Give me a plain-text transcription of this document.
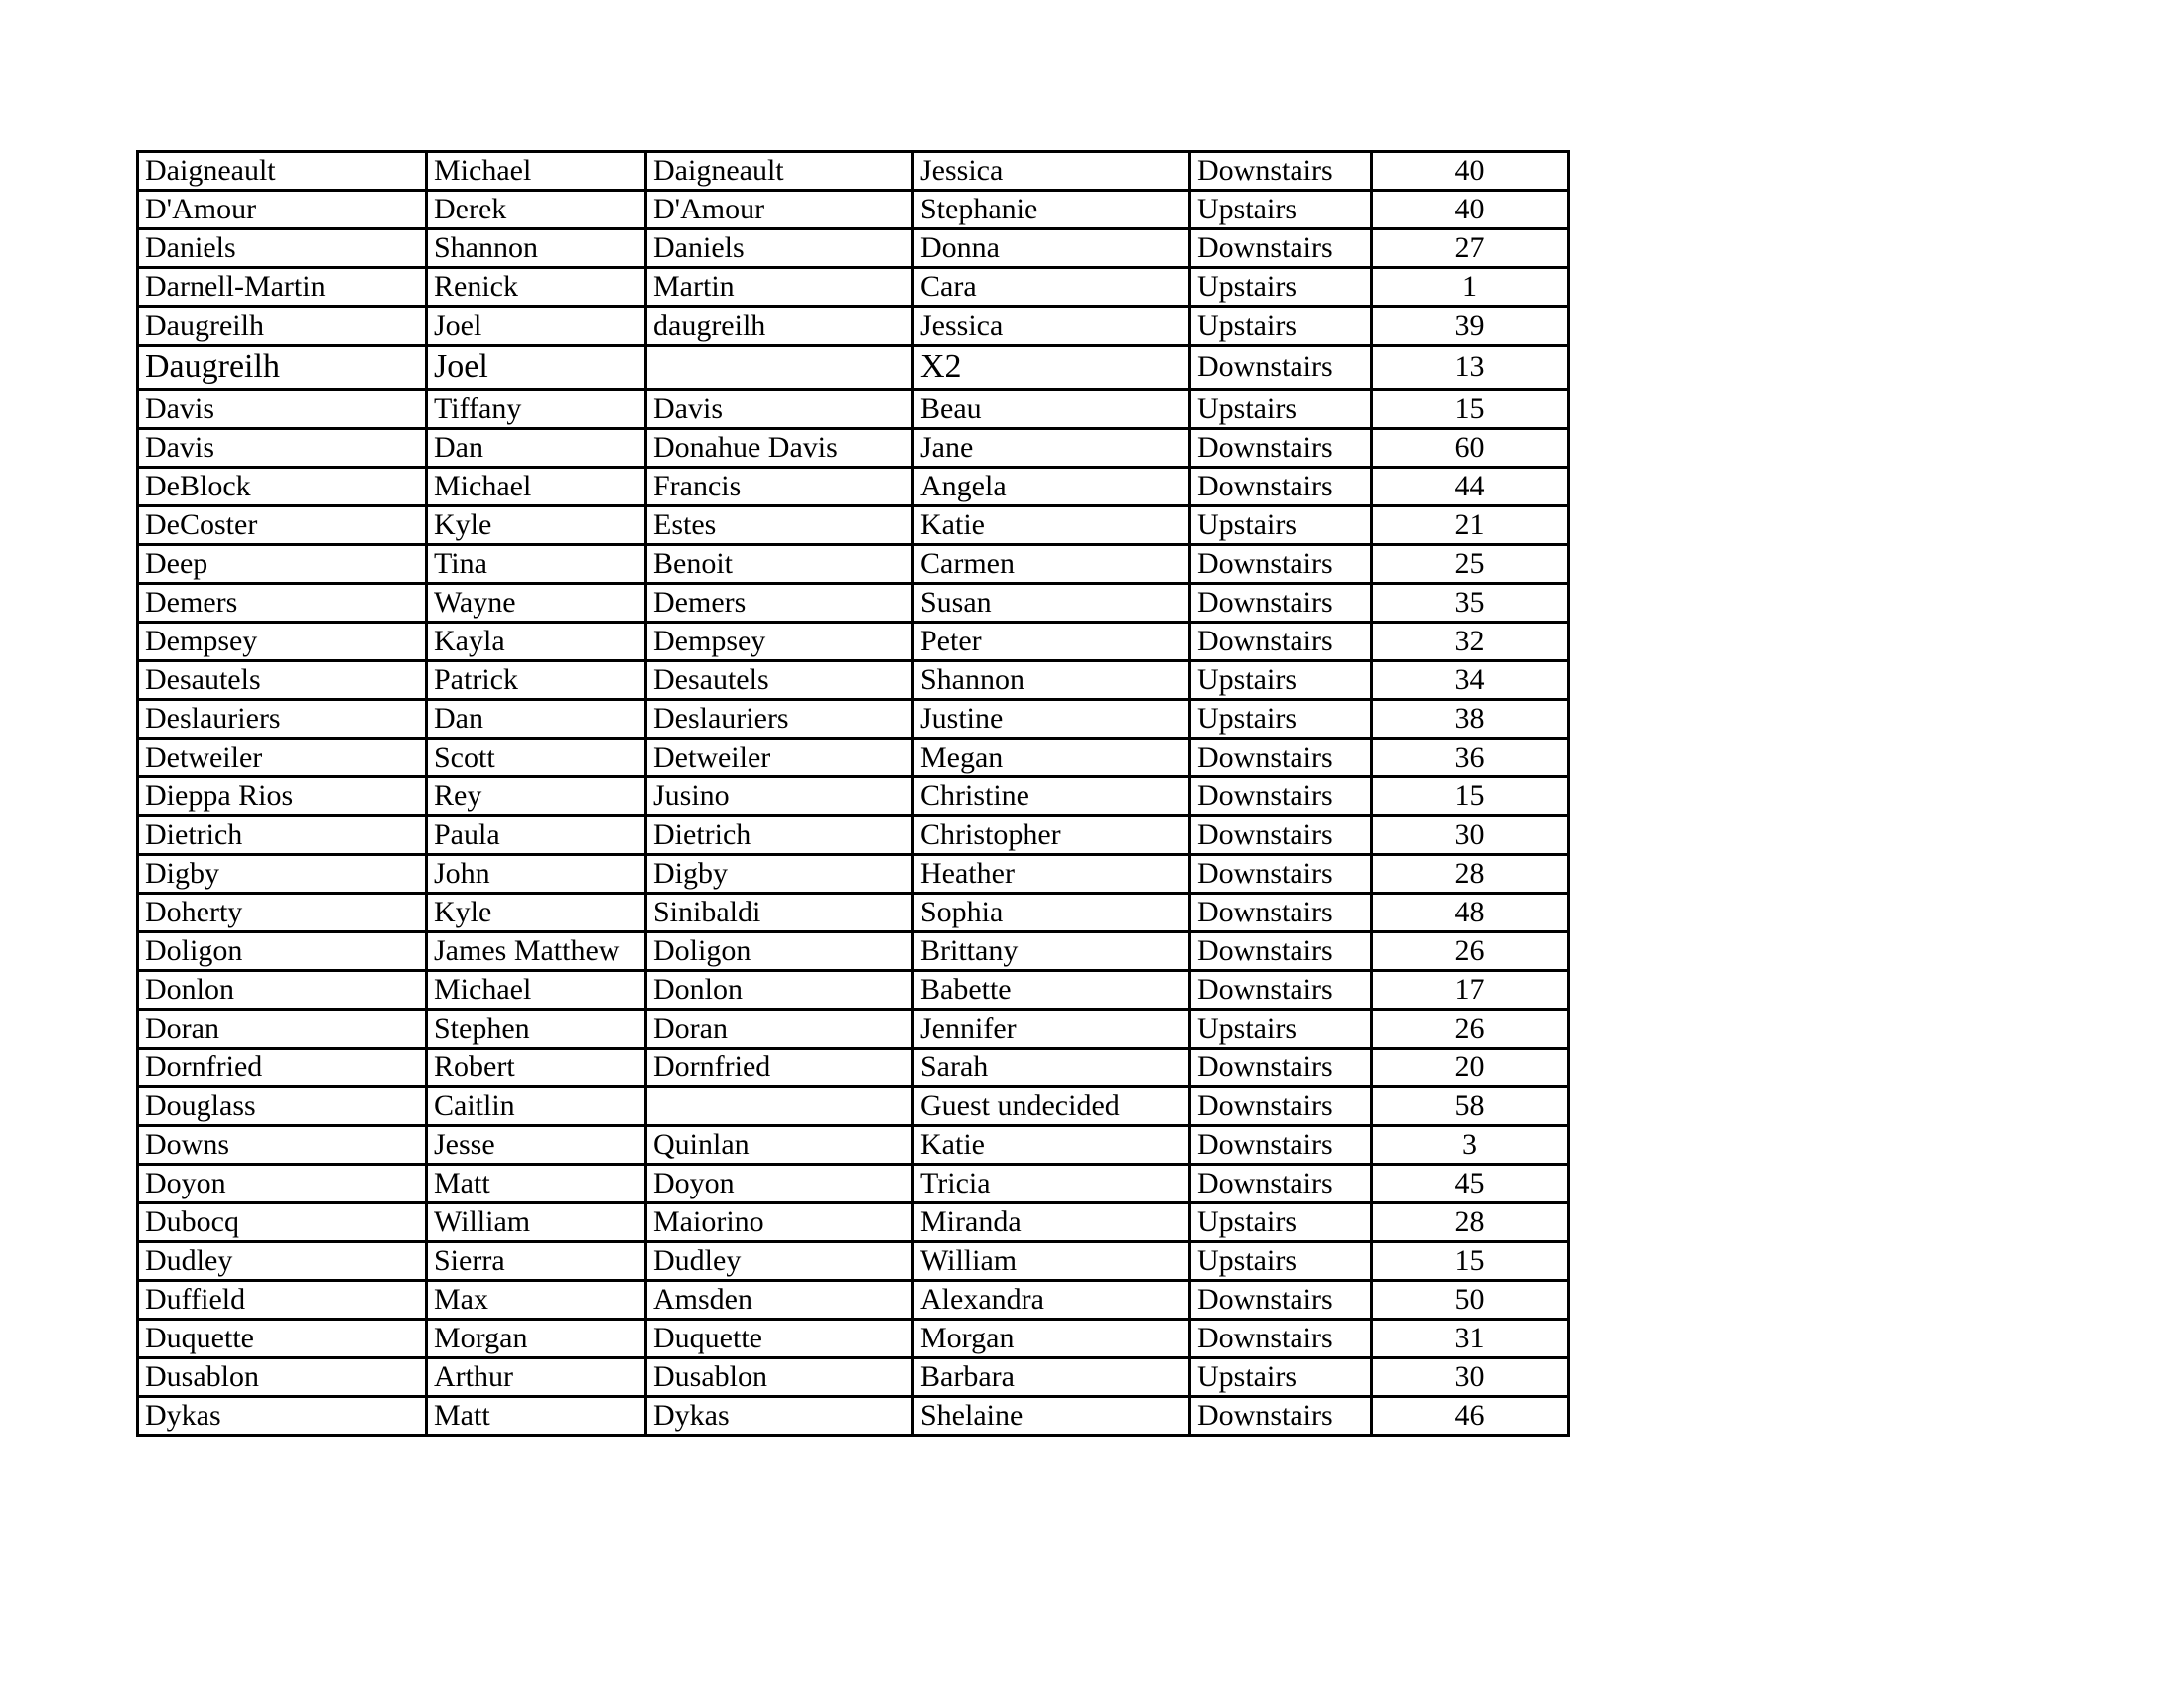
Daigneault	Michael	Daigneault	Jessica	Downstairs	40
D'Amour	Derek	D'Amour	Stephanie	Upstairs	40
Daniels	Shannon	Daniels	Donna	Downstairs	27
Darnell-Martin	Renick	Martin	Cara	Upstairs	1
Daugreilh	Joel	daugreilh	Jessica	Upstairs	39
Daugreilh	Joel		X2	Downstairs	13
Davis	Tiffany	Davis	Beau	Upstairs	15
Davis	Dan	Donahue Davis	Jane	Downstairs	60
DeBlock	Michael	Francis	Angela	Downstairs	44
DeCoster	Kyle	Estes	Katie	Upstairs	21
Deep	Tina	Benoit	Carmen	Downstairs	25
Demers	Wayne	Demers	Susan	Downstairs	35
Dempsey	Kayla	Dempsey	Peter	Downstairs	32
Desautels	Patrick	Desautels	Shannon	Upstairs	34
Deslauriers	Dan	Deslauriers	Justine	Upstairs	38
Detweiler	Scott	Detweiler	Megan	Downstairs	36
Dieppa Rios	Rey	Jusino	Christine	Downstairs	15
Dietrich	Paula	Dietrich	Christopher	Downstairs	30
Digby	John	Digby	Heather	Downstairs	28
Doherty	Kyle	Sinibaldi	Sophia	Downstairs	48
Doligon	James Matthew	Doligon	Brittany	Downstairs	26
Donlon	Michael	Donlon	Babette	Downstairs	17
Doran	Stephen	Doran	Jennifer	Upstairs	26
Dornfried	Robert	Dornfried	Sarah	Downstairs	20
Douglass	Caitlin		Guest undecided	Downstairs	58
Downs	Jesse	Quinlan	Katie	Downstairs	3
Doyon	Matt	Doyon	Tricia	Downstairs	45
Dubocq	William	Maiorino	Miranda	Upstairs	28
Dudley	Sierra	Dudley	William	Upstairs	15
Duffield	Max	Amsden	Alexandra	Downstairs	50
Duquette	Morgan	Duquette	Morgan	Downstairs	31
Dusablon	Arthur	Dusablon	Barbara	Upstairs	30
Dykas	Matt	Dykas	Shelaine	Downstairs	46
